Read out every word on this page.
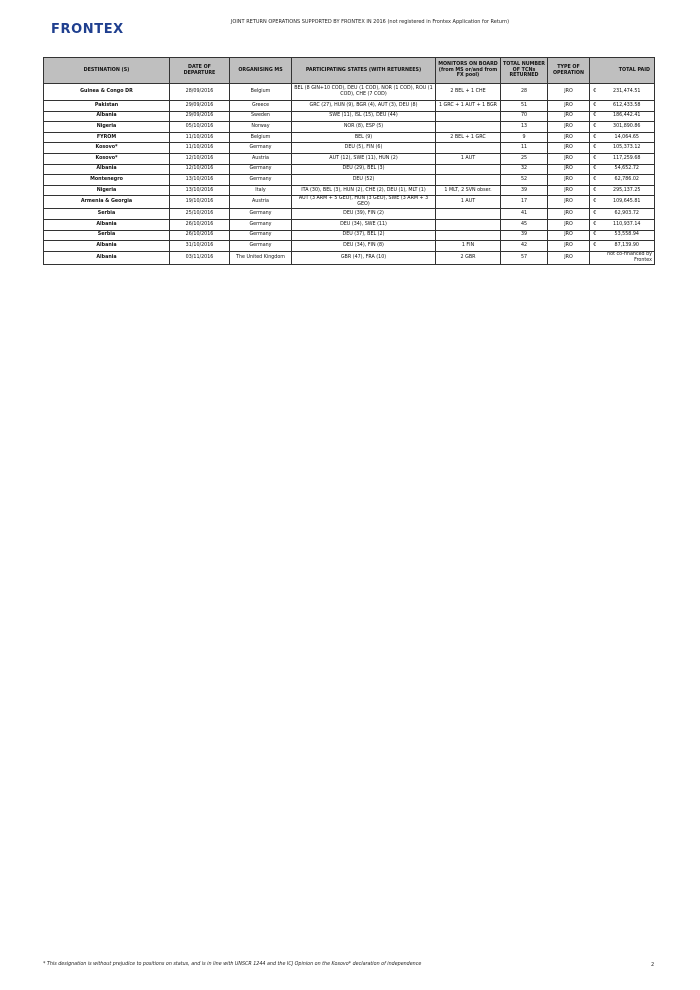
FRONTEX	JOINT RETURN OPERATIONS SUPPORTED BY FRONTEX IN 2016 (not registered in Frontex Application for Return)
DESTINATION (S)	DATE OF DEPARTURE	ORGANISING MS	PARTICIPATING STATES (WITH RETURNEES)	MONITORS ON BOARD (from MS or/and from FX pool)	TOTAL NUMBER OF TCNs RETURNED	TYPE OF OPERATION	TOTAL PAID	
Guinea & Congo DR	28/09/2016	Belgium	BEL (8 GIN+10 COD), DEU (1 COD), NOR (1 COD), ROU (1 COD), CHE (7 COD)	2 BEL + 1 CHE	28	JRO	€	231,474.51
Pakistan	29/09/2016	Greece	GRC (27), HUN (9), BGR (4), AUT (3), DEU (8)	1 GRC + 1 AUT + 1 BGR	51	JRO	€	612,433.58
Albania	29/09/2016	Sweden	SWE (11), ISL (15), DEU (44)		70	JRO	€	186,442.41
Nigeria	05/10/2016	Norway	NOR (8), ESP (5)		13	JRO	€	301,890.86
FYROM	11/10/2016	Belgium	BEL (9)	2 BEL + 1 GRC	9	JRO	€	14,064.65
Kosovo*	11/10/2016	Germany	DEU (5), FIN (6)		11	JRO	€	105,373.12
Kosovo*	12/10/2016	Austria	AUT (12), SWE (11), HUN (2)	1 AUT	25	JRO	€	117,259.68
Albania	12/10/2016	Germany	DEU (29), BEL (3)		32	JRO	€	54,652.72
Montenegro	13/10/2016	Germany	DEU (52)		52	JRO	€	62,786.02
Nigeria	13/10/2016	Italy	ITA (30), BEL (3), HUN (2), CHE (2), DEU (1), MLT (1)	1 MLT, 2 SVN obser.	39	JRO	€	295,137.25
Armenia & Georgia	19/10/2016	Austria	AUT (3 ARM + 5 GEO), HUN (3 GEO), SWE (3 ARM + 3 GEO)	1 AUT	17	JRO	€	109,645.81
Serbia	25/10/2016	Germany	DEU (39), FIN (2)		41	JRO	€	62,903.72
Albania	26/10/2016	Germany	DEU (34), SWE (11)		45	JRO	€	110,937.14
Serbia	26/10/2016	Germany	DEU (37), BEL (2)		39	JRO	€	53,558.94
Albania	31/10/2016	Germany	DEU (34), FIN (8)	1 FIN	42	JRO	€	87,139.90
Albania	03/11/2016	The United Kingdom	GBR (47), FRA (10)	2 GBR	57	JRO	not co-financed by Frontex	
* This designation is without prejudice to positions on status, and is in line with UNSCR 1244 and the ICJ Opinion on the Kosovo* declaration of independence	2
